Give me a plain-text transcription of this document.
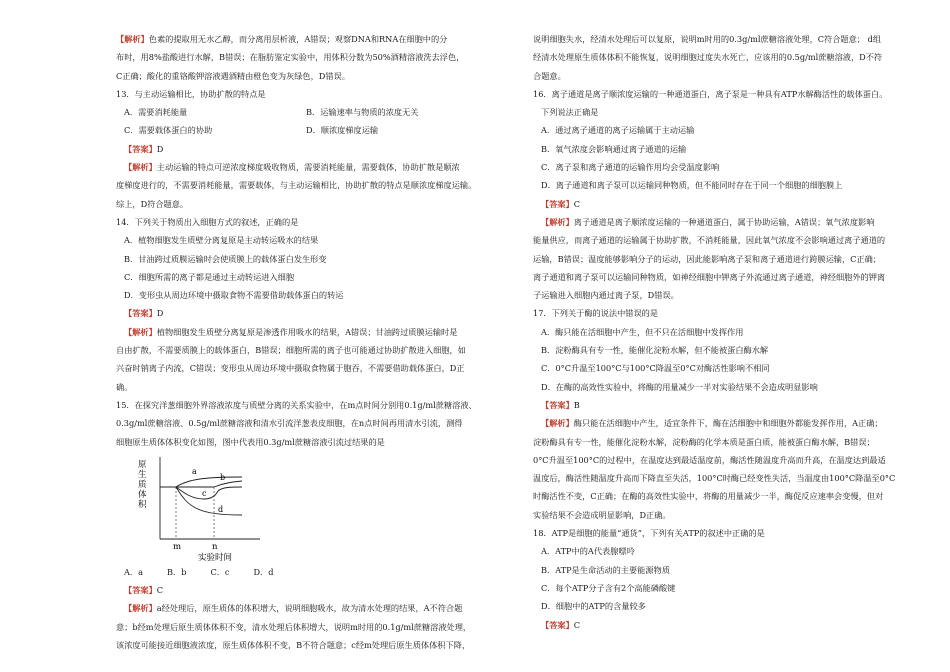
【解析】色素的提取用无水乙醇，而分离用层析液，A错误；观察DNA和RNA在细胞中的分
布时，用8%盐酸进行水解，B错误；在脂肪鉴定实验中，用体积分数为50%酒精溶液洗去浮色，
C正确；酸化的重铬酸钾溶液遇酒精由橙色变为灰绿色，D错误。
13．与主动运输相比，协助扩散的特点是
A．需要消耗能量	B．运输速率与物质的浓度无关
C．需要载体蛋白的协助	D．顺浓度梯度运输
【答案】D
【解析】主动运输的特点可逆浓度梯度吸收物质，需要消耗能量，需要载体，协助扩散是顺浓
度梯度进行的，不需要消耗能量，需要载体，与主动运输相比，协助扩散的特点是顺浓度梯度运输。
综上，D符合题意。
14．下列关于物质出入细胞方式的叙述，正确的是
A．植物细胞发生质壁分离复原是主动转运吸水的结果
B．甘油跨过质膜运输时会使质膜上的载体蛋白发生形变
C．细胞所需的离子都是通过主动转运进入细胞
D．变形虫从周边环境中摄取食物不需要借助载体蛋白的转运
【答案】D
【解析】植物细胞发生质壁分离复原是渗透作用吸水的结果，A错误；甘油跨过质膜运输时是
自由扩散，不需要质膜上的载体蛋白，B错误；细胞所需的离子也可能通过协助扩散进入细胞，如
兴奋时钠离子内流，C错误；变形虫从周边环境中摄取食物属于胞吞，不需要借助载体蛋白，D正
确。
15．在探究洋葱细胞外界溶液浓度与质壁分离的关系实验中，在m点时间分别用0.1g/ml蔗糖溶液、
0.3g/ml蔗糖溶液、0.5g/ml蔗糖溶液和清水引流洋葱表皮细胞，在n点时间再用清水引流，测得
细胞原生质体体积变化如图，图中代表用0.3g/ml蔗糖溶液引流过结果的是
原
生
质
体
积
a
b
c
d
m	n
实验时间
A．a	B．b	C．c	D．d
【答案】C
【解析】a经处理后，原生质体的体积增大，说明细胞吸水，故为清水处理的结果，A不符合题
意；b经m处理后原生质体体积不变，清水处理后体积增大，说明m时用的0.1g/ml蔗糖溶液处理，
该浓度可能接近细胞液浓度，原生质体体积不变，B不符合题意；c经m处理后原生质体体积下降，
说明细胞失水，经清水处理后可以复原，说明m时用的0.3g/ml蔗糖溶液处理，C符合题意； d组
经清水处理原生质体体积不能恢复，说明细胞过度失水死亡，应该用的0.5g/ml蔗糖溶液，D不符
合题意。
16．离子通道是离子顺浓度运输的一种通道蛋白，离子泵是一种具有ATP水解酶活性的载体蛋白。
下列说法正确是
A．通过离子通道的离子运输属于主动运输
B．氧气浓度会影响通过离子通道的运输
C．离子泵和离子通道的运输作用均会受温度影响
D．离子通道和离子泵可以运输同种物质，但不能同时存在于同一个细胞的细胞膜上
【答案】C
【解析】离子通道是离子顺浓度运输的一种通道蛋白，属于协助运输，A错误；氧气浓度影响
能量供应，而离子通道的运输属于协助扩散，不消耗能量，因此氧气浓度不会影响通过离子通道的
运输，B错误；温度能够影响分子的运动，因此能影响离子泵和离子通道进行跨膜运输，C正确；
离子通道和离子泵可以运输同种物质，如神经细胞中钾离子外流通过离子通道，神经细胞外的钾离
子运输进入细胞内通过离子泵，D错误。
17．下列关于酶的说法中错误的是
A．酶只能在活细胞中产生，但不只在活细胞中发挥作用
B．淀粉酶具有专一性，能催化淀粉水解，但不能被蛋白酶水解
C．0°C升温至100°C与100°C降温至0°C对酶活性影响不相同
D．在酶的高效性实验中，将酶的用量减少一半对实验结果不会造成明显影响
【答案】B
【解析】酶只能在活细胞中产生，适宜条件下，酶在活细胞中和细胞外都能发挥作用，A正确；
淀粉酶具有专一性，能催化淀粉水解，淀粉酶的化学本质是蛋白质，能被蛋白酶水解，B错误；
0°C升温至100°C的过程中，在温度达到最适温度前，酶活性随温度升高而升高，在温度达到最适
温度后，酶活性随温度升高而下降直至失活，100°C时酶已经变性失活，当温度由100°C降温至0°C
时酶活性不变，C正确；在酶的高效性实验中，将酶的用量减少一半，酶促反应速率会变慢，但对
实验结果不会造成明显影响，D正确。
18．ATP是细胞的能量“通货”，下列有关ATP的叙述中正确的是
A．ATP中的A代表腺嘌呤
B．ATP是生命活动的主要能源物质
C．每个ATP分子含有2个高能磷酸键
D．细胞中的ATP的含量较多
【答案】C
